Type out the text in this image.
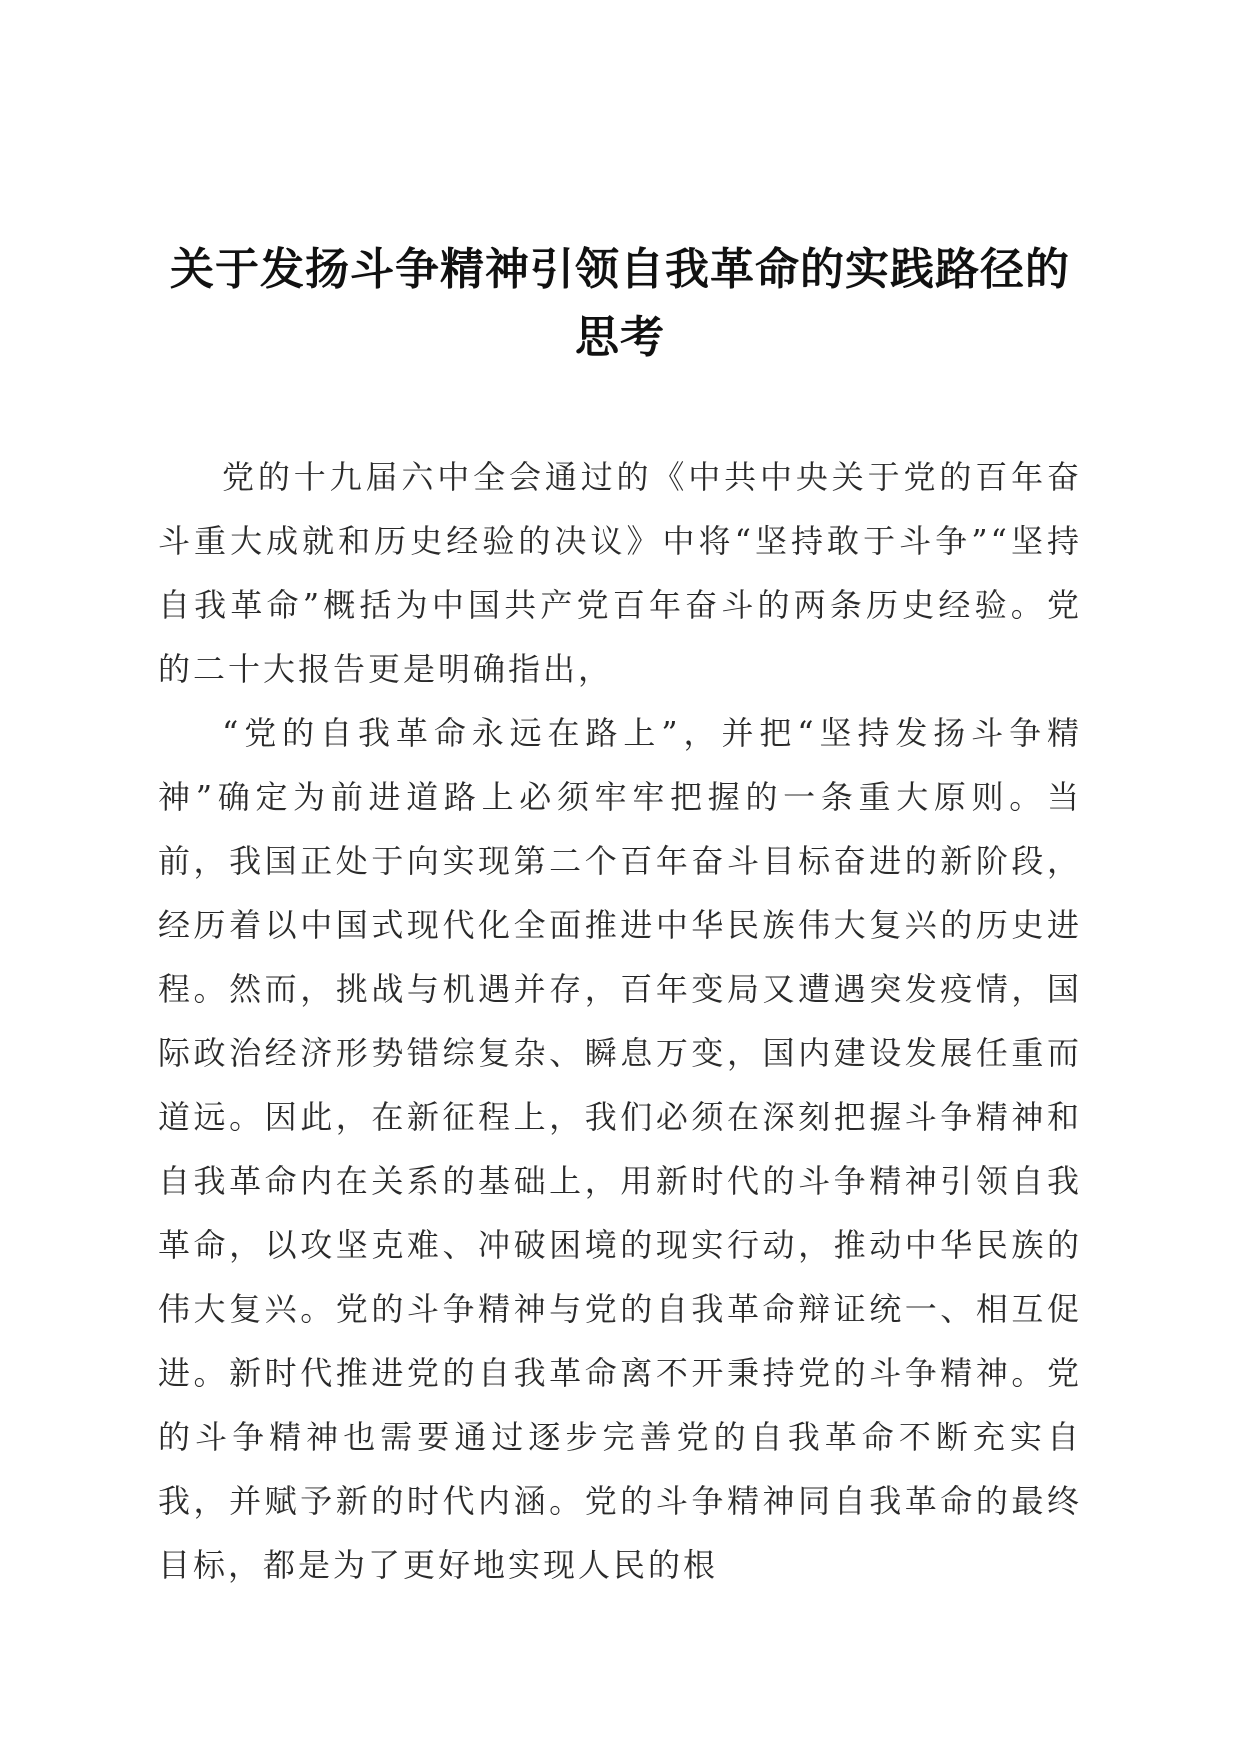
关于发扬斗争精神引领自我革命的实践路径的思考

党的十九届六中全会通过的《中共中央关于党的百年奋斗重大成就和历史经验的决议》中将“坚持敢于斗争”“坚持自我革命”概括为中国共产党百年奋斗的两条历史经验。党的二十大报告更是明确指出，

“党的自我革命永远在路上”，并把“坚持发扬斗争精神”确定为前进道路上必须牢牢把握的一条重大原则。当前，我国正处于向实现第二个百年奋斗目标奋进的新阶段，经历着以中国式现代化全面推进中华民族伟大复兴的历史进程。然而，挑战与机遇并存，百年变局又遭遇突发疫情，国际政治经济形势错综复杂、瞬息万变，国内建设发展任重而道远。因此，在新征程上，我们必须在深刻把握斗争精神和自我革命内在关系的基础上，用新时代的斗争精神引领自我革命，以攻坚克难、冲破困境的现实行动，推动中华民族的伟大复兴。党的斗争精神与党的自我革命辩证统一、相互促进。新时代推进党的自我革命离不开秉持党的斗争精神。党的斗争精神也需要通过逐步完善党的自我革命不断充实自我，并赋予新的时代内涵。党的斗争精神同自我革命的最终目标，都是为了更好地实现人民的根
